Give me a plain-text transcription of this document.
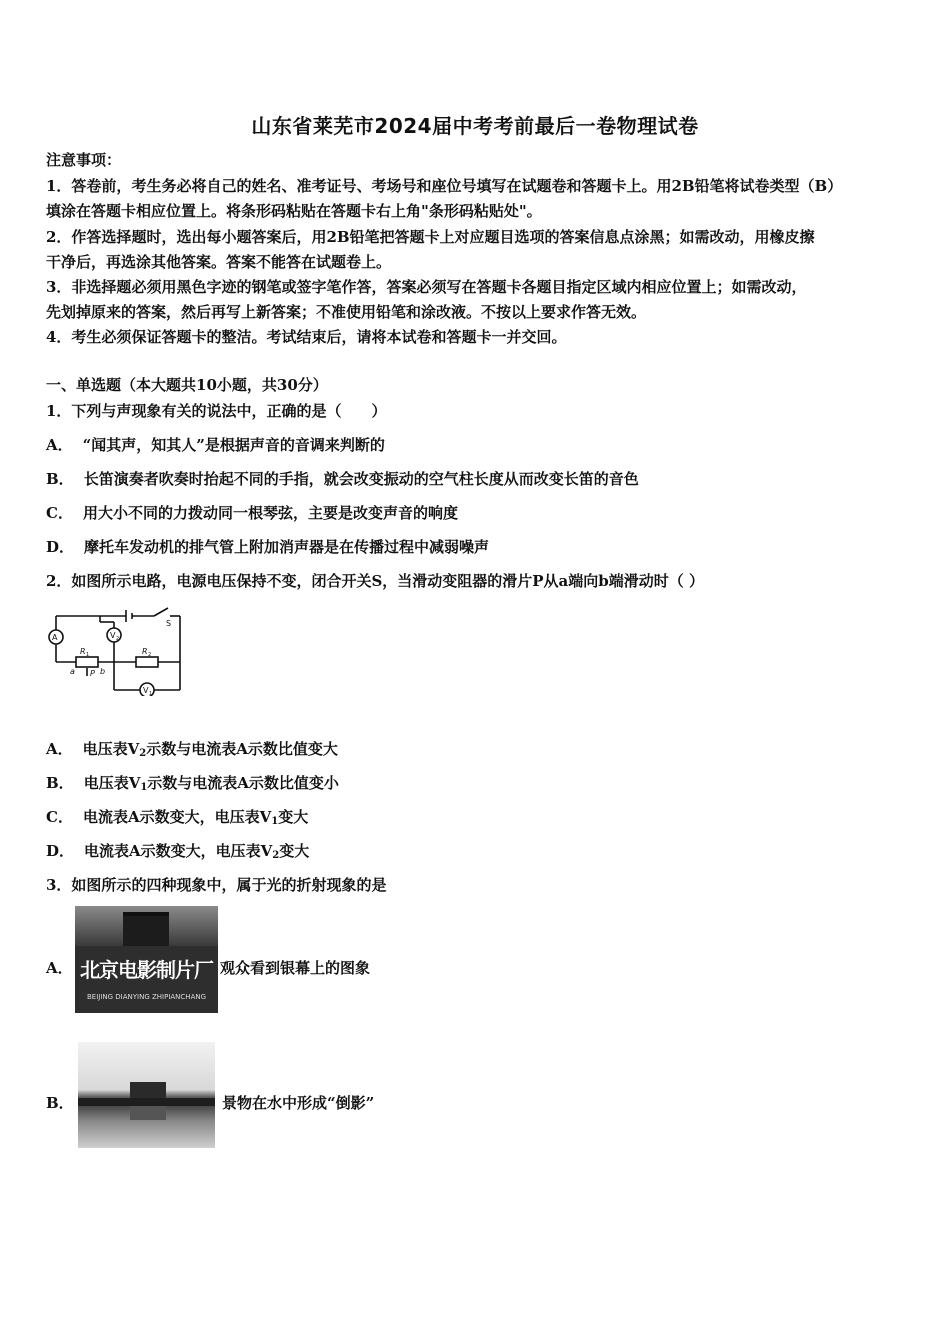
山东省莱芜市2024届中考考前最后一卷物理试卷
注意事项：
1．答卷前，考生务必将自己的姓名、准考证号、考场号和座位号填写在试题卷和答题卡上。用2B铅笔将试卷类型（B）
填涂在答题卡相应位置上。将条形码粘贴在答题卡右上角"条形码粘贴处"。
2．作答选择题时，选出每小题答案后，用2B铅笔把答题卡上对应题目选项的答案信息点涂黑；如需改动，用橡皮擦
干净后，再选涂其他答案。答案不能答在试题卷上。
3．非选择题必须用黑色字迹的钢笔或签字笔作答，答案必须写在答题卡各题目指定区域内相应位置上；如需改动，
先划掉原来的答案，然后再写上新答案；不准使用铅笔和涂改液。不按以上要求作答无效。
4．考生必须保证答题卡的整洁。考试结束后，请将本试卷和答题卡一并交回。
一、单选题（本大题共10小题，共30分）
1．下列与声现象有关的说法中，正确的是（　　）
A． “闻其声，知其人”是根据声音的音调来判断的
B． 长笛演奏者吹奏时抬起不同的手指，就会改变振动的空气柱长度从而改变长笛的音色
C． 用大小不同的力拨动同一根琴弦，主要是改变声音的响度
D． 摩托车发动机的排气管上附加消声器是在传播过程中减弱噪声
2．如图所示电路，电源电压保持不变，闭合开关S，当滑动变阻器的滑片P从a端向b端滑动时（ ）
A	V 2
V 1
S
R 1	R 2
a	b
P
A． 电压表$V_2$示数与电流表A示数比值变大
B． 电压表$V_1$示数与电流表A示数比值变小
C． 电流表A示数变大，电压表$V_1$变大
D． 电流表A示数变大，电压表$V_2$变大
3．如图所示的四种现象中，属于光的折射现象的是
A． 北京电影制片厂
BEIJING DIANYING ZHIPIANCHANG
观众看到银幕上的图象
B．	景物在水中形成“倒影”
